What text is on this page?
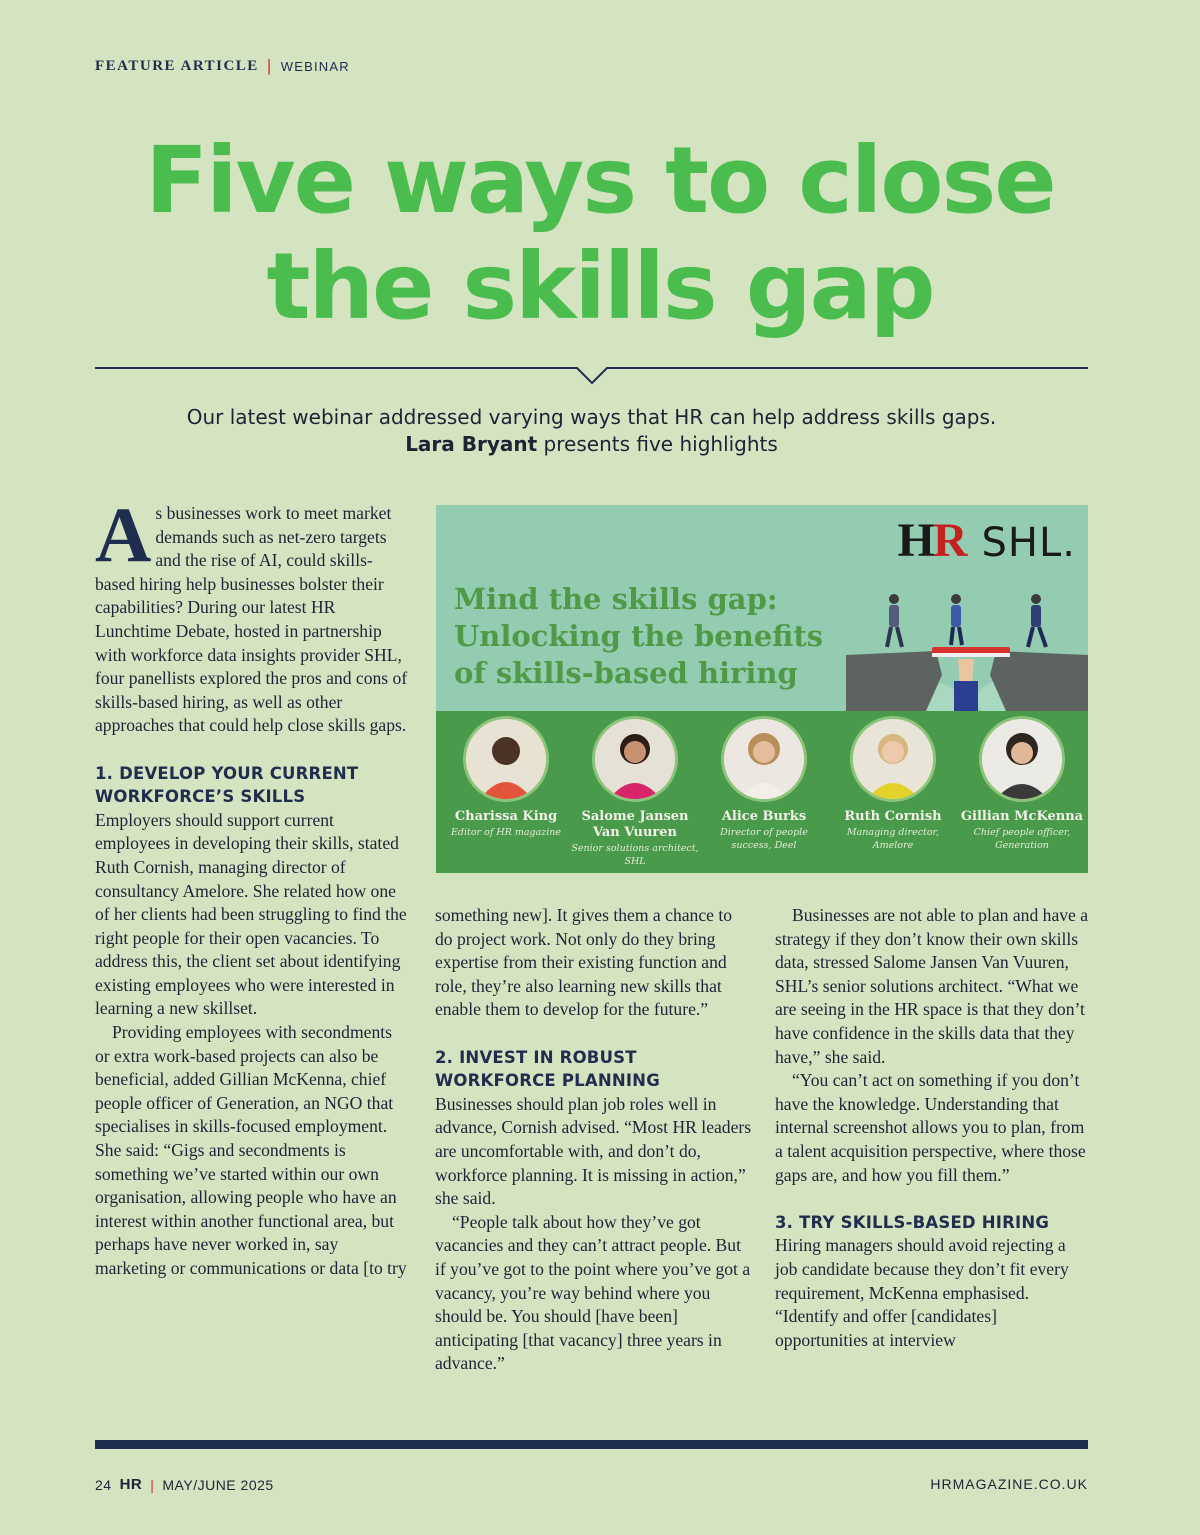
FEATURE ARTICLE | WEBINAR
Five ways to close
the skills gap
Our latest webinar addressed varying ways that HR can help address skills gaps.
Lara Bryant presents five highlights

As businesses work to meet market demands such as net-zero targets and the rise of AI, could skills-based hiring help businesses bolster their capabilities? During our latest HR Lunchtime Debate, hosted in partnership with workforce data insights provider SHL, four panellists explored the pros and cons of skills-based hiring, as well as other approaches that could help close skills gaps.

1. DEVELOP YOUR CURRENT WORKFORCE’S SKILLS

Employers should support current employees in developing their skills, stated Ruth Cornish, managing director of consultancy Amelore. She related how one of her clients had been struggling to find the right people for their open vacancies. To address this, the client set about identifying existing employees who were interested in learning a new skillset.

Providing employees with secondments or extra work-based projects can also be beneficial, added Gillian McKenna, chief people officer of Generation, an NGO that specialises in skills-focused employment. She said: “Gigs and secondments is something we’ve started within our own organisation, allowing people who have an interest within another functional area, but perhaps have never worked in, say marketing or communications or data [to try

HR SHL.
Mind the skills gap:
Unlocking the benefits
of skills-based hiring
Charissa King
Editor of HR magazine
Salome Jansen Van Vuuren
Senior solutions architect, SHL
Alice Burks
Director of people success, Deel
Ruth Cornish
Managing director, Amelore
Gillian McKenna
Chief people officer, Generation

something new]. It gives them a chance to do project work. Not only do they bring expertise from their existing function and role, they’re also learning new skills that enable them to develop for the future.”

2. INVEST IN ROBUST WORKFORCE PLANNING

Businesses should plan job roles well in advance, Cornish advised. “Most HR leaders are uncomfortable with, and don’t do, workforce planning. It is missing in action,” she said.

“People talk about how they’ve got vacancies and they can’t attract people. But if you’ve got to the point where you’ve got a vacancy, you’re way behind where you should be. You should [have been] anticipating [that vacancy] three years in advance.”

Businesses are not able to plan and have a strategy if they don’t know their own skills data, stressed Salome Jansen Van Vuuren, SHL’s senior solutions architect. “What we are seeing in the HR space is that they don’t have confidence in the skills data that they have,” she said.

“You can’t act on something if you don’t have the knowledge. Understanding that internal screenshot allows you to plan, from a talent acquisition perspective, where those gaps are, and how you fill them.”

3. TRY SKILLS-BASED HIRING

Hiring managers should avoid rejecting a job candidate because they don’t fit every requirement, McKenna emphasised. “Identify and offer [candidates] opportunities at interview

24 HR | MAY/JUNE 2025	HRMAGAZINE.CO.UK
